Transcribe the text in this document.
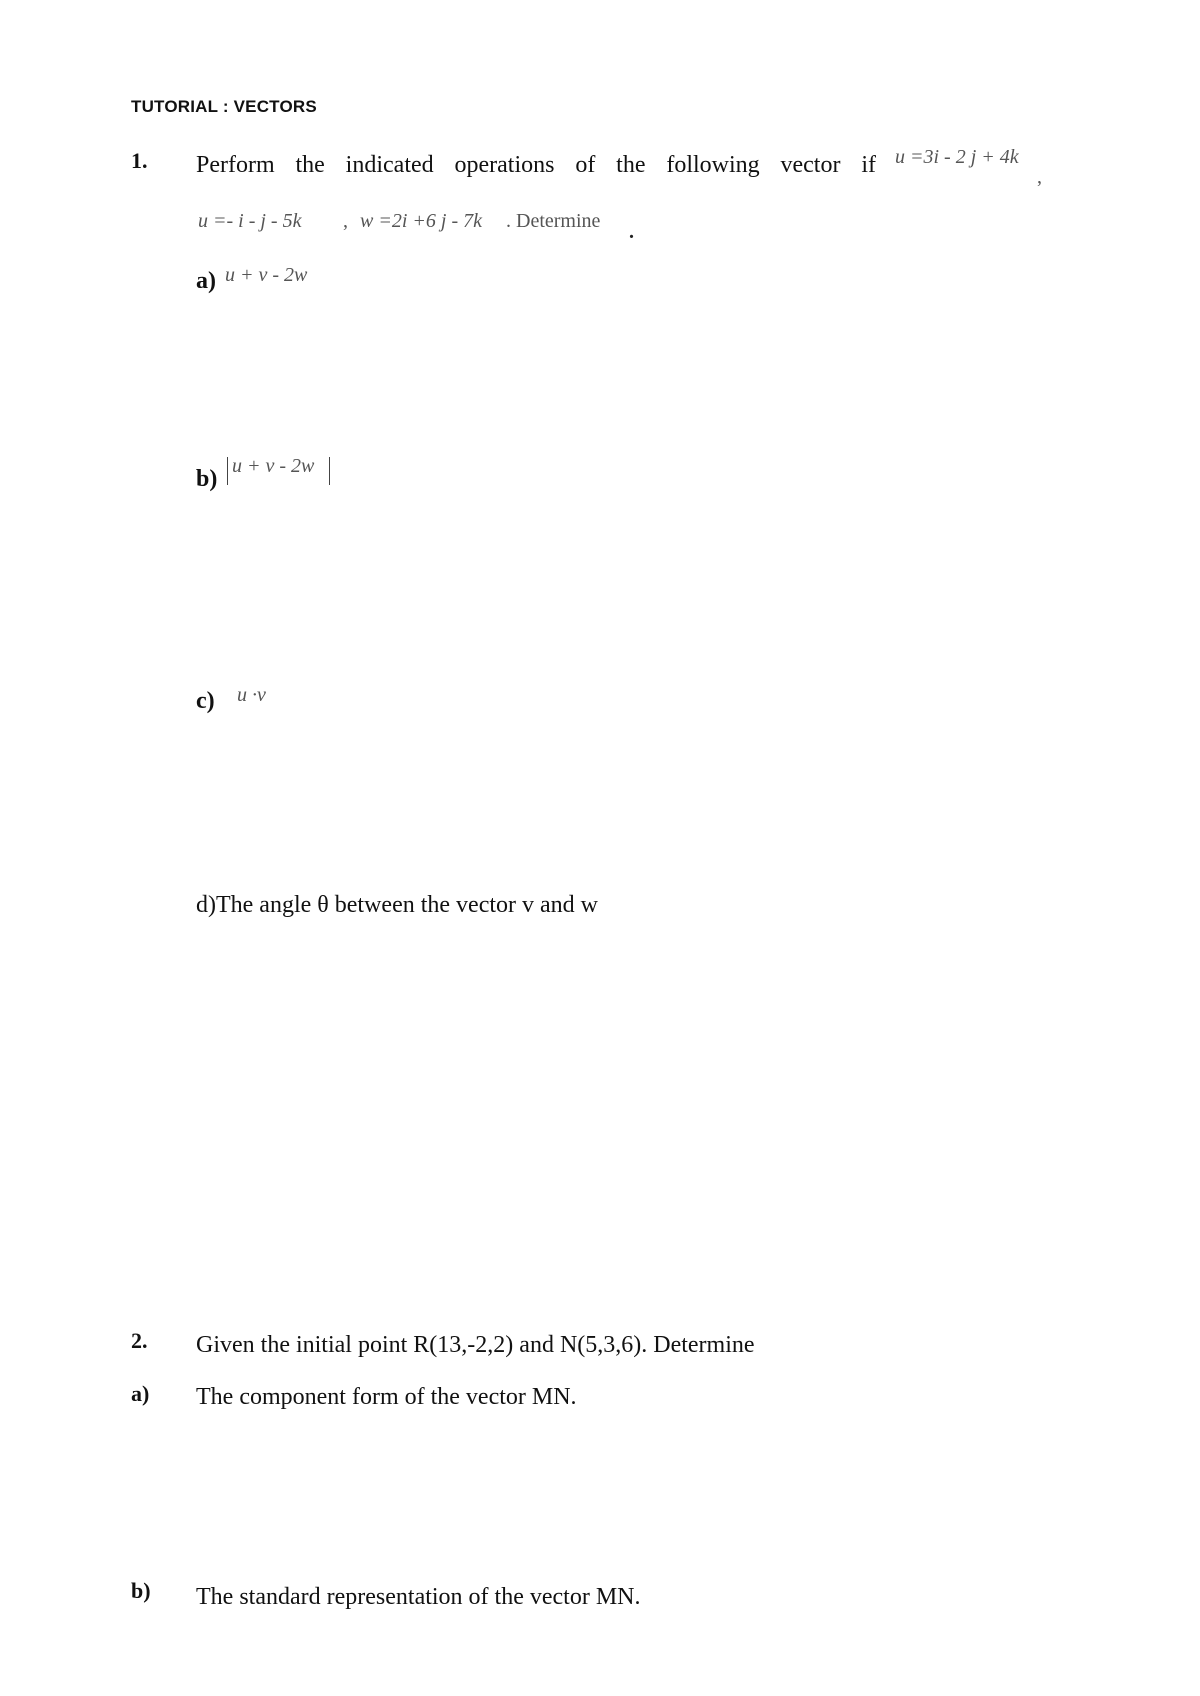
TUTORIAL : VECTORS
1. Perform the indicated operations of the following vector if u =3i - 2 j + 4k
,
u =- i - j - 5k , w =2i +6 j - 7k . Determine .
a) u + v - 2w
b) u + v - 2w
c) u ·v
d)The angle θ between the vector v and w
2. Given the initial point R(13,-2,2) and N(5,3,6). Determine
a) The component form of the vector MN.
b) The standard representation of the vector MN.
